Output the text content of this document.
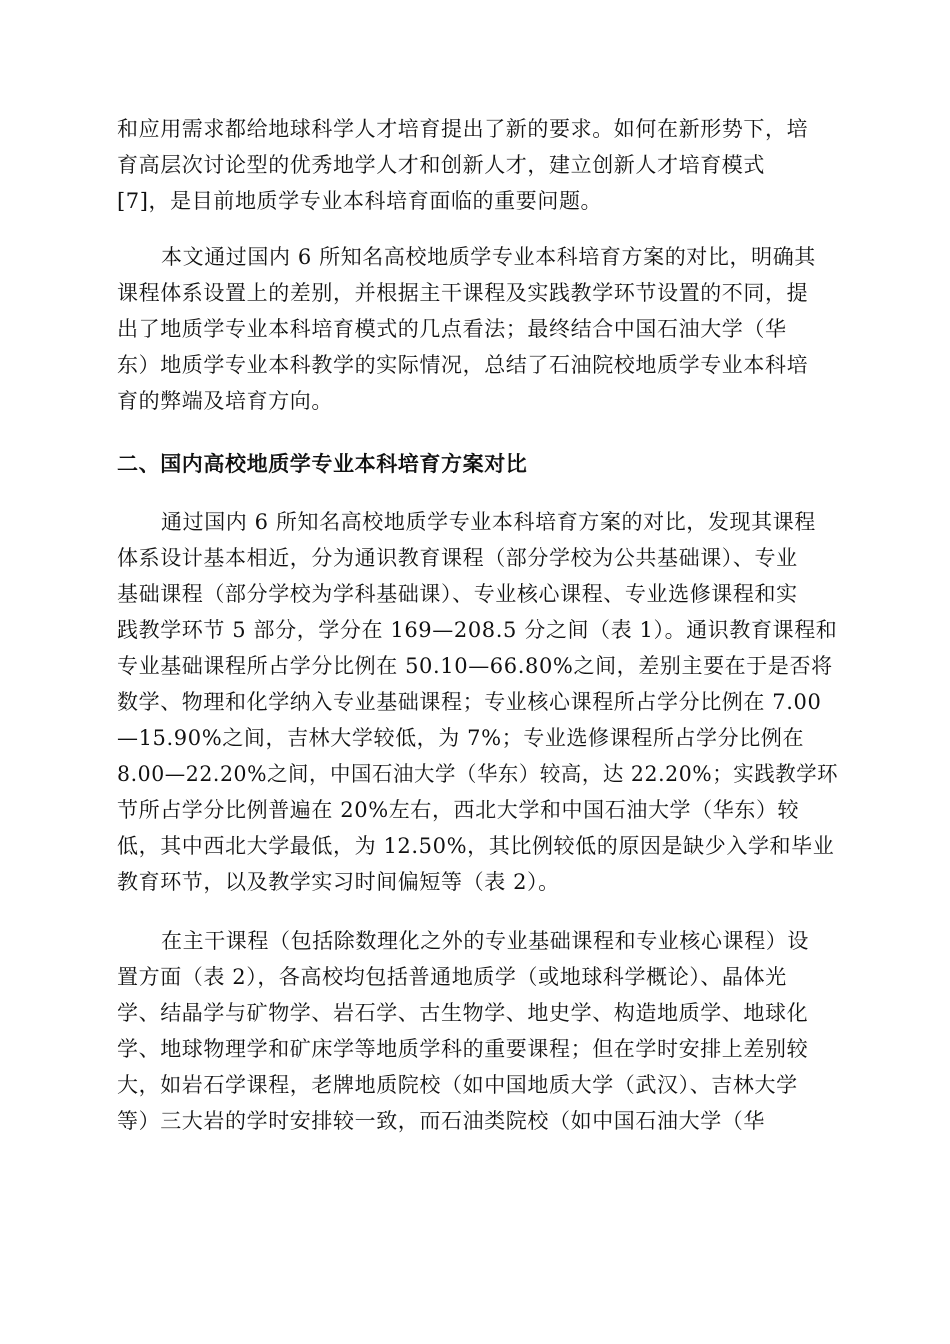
和应用需求都给地球科学人才培育提出了新的要求。如何在新形势下，培
育高层次讨论型的优秀地学人才和创新人才，建立创新人才培育模式
[7]，是目前地质学专业本科培育面临的重要问题。
本文通过国内 6 所知名高校地质学专业本科培育方案的对比，明确其
课程体系设置上的差别，并根据主干课程及实践教学环节设置的不同，提
出了地质学专业本科培育模式的几点看法；最终结合中国石油大学（华
东）地质学专业本科教学的实际情况，总结了石油院校地质学专业本科培
育的弊端及培育方向。
二、国内高校地质学专业本科培育方案对比
通过国内 6 所知名高校地质学专业本科培育方案的对比，发现其课程
体系设计基本相近，分为通识教育课程（部分学校为公共基础课）、专业
基础课程（部分学校为学科基础课）、专业核心课程、专业选修课程和实
践教学环节 5 部分，学分在 169—208.5 分之间（表 1）。通识教育课程和
专业基础课程所占学分比例在 50.10—66.80%之间，差别主要在于是否将
数学、物理和化学纳入专业基础课程；专业核心课程所占学分比例在 7.00
—15.90%之间，吉林大学较低，为 7%；专业选修课程所占学分比例在
8.00—22.20%之间，中国石油大学（华东）较高，达 22.20%；实践教学环
节所占学分比例普遍在 20%左右，西北大学和中国石油大学（华东）较
低，其中西北大学最低，为 12.50%，其比例较低的原因是缺少入学和毕业
教育环节，以及教学实习时间偏短等（表 2）。
在主干课程（包括除数理化之外的专业基础课程和专业核心课程）设
置方面（表 2），各高校均包括普通地质学（或地球科学概论）、晶体光
学、结晶学与矿物学、岩石学、古生物学、地史学、构造地质学、地球化
学、地球物理学和矿床学等地质学科的重要课程；但在学时安排上差别较
大，如岩石学课程，老牌地质院校（如中国地质大学（武汉）、吉林大学
等）三大岩的学时安排较一致，而石油类院校（如中国石油大学（华
